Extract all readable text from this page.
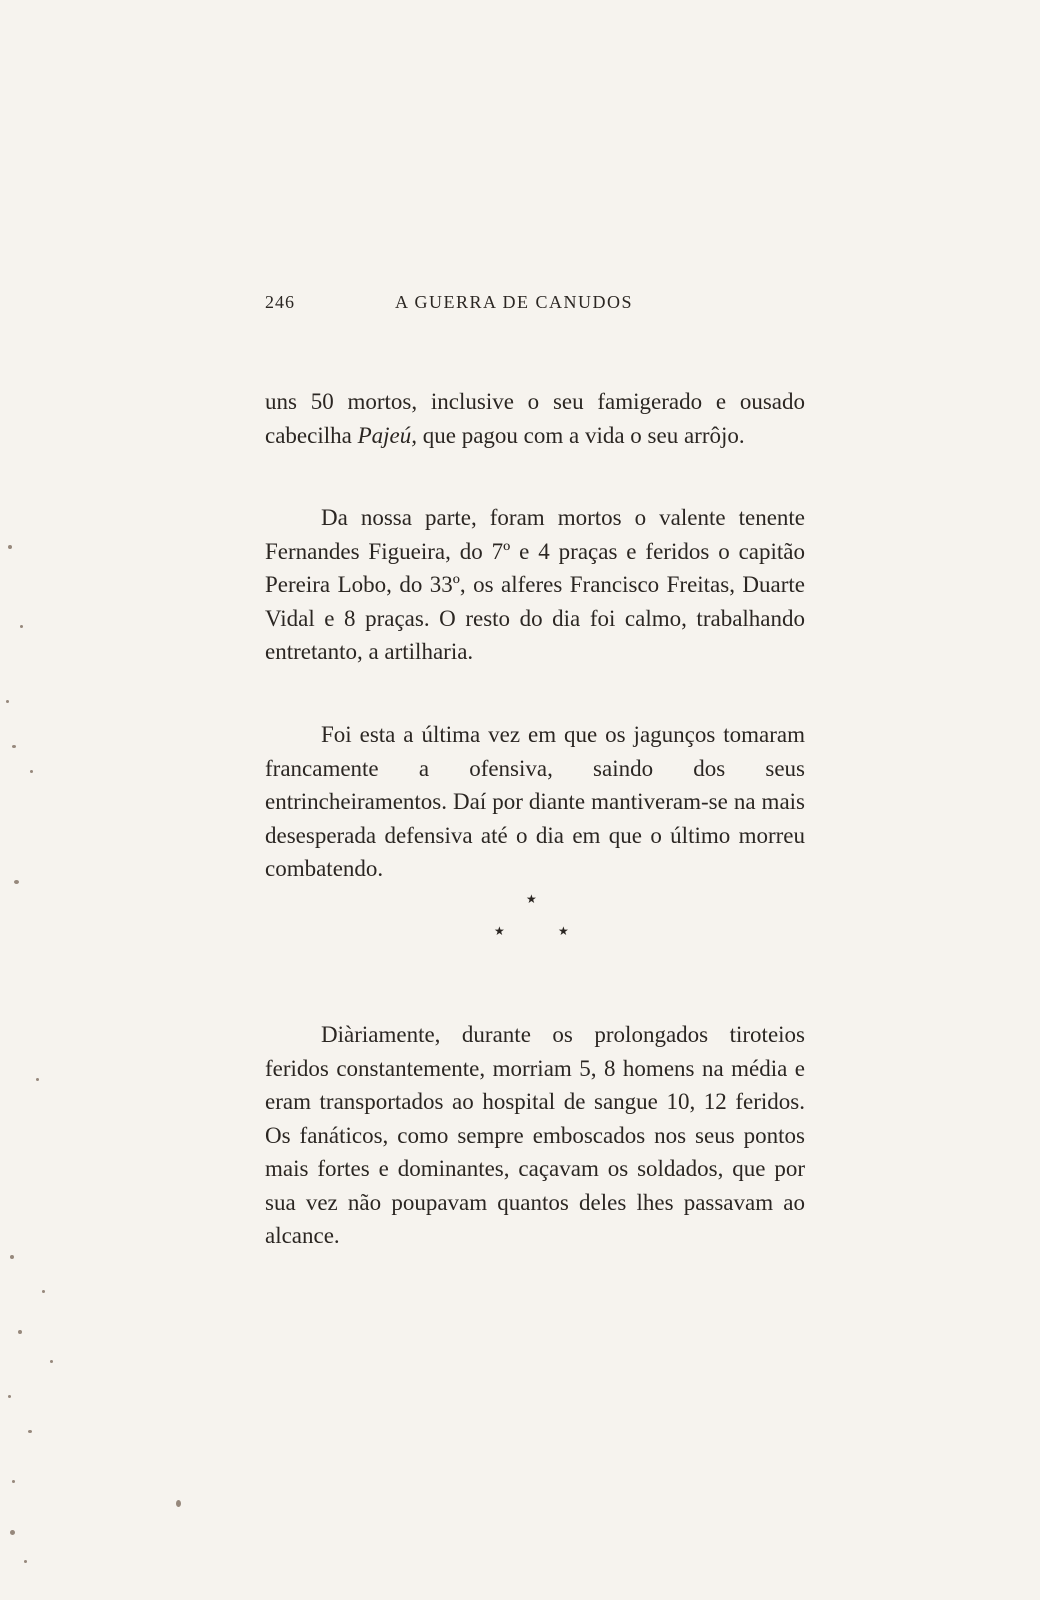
246	A GUERRA DE CANUDOS

uns 50 mortos, inclusive o seu famigerado e ousado cabecilha Pajeú, que pagou com a vida o seu arrôjo.

Da nossa parte, foram mortos o valente tenente Fernandes Figueira, do 7º e 4 praças e feridos o capitão Pereira Lobo, do 33º, os alferes Francisco Freitas, Duarte Vidal e 8 praças. O resto do dia foi calmo, trabalhando entretanto, a artilharia.

Foi esta a última vez em que os jagunços tomaram francamente a ofensiva, saindo dos seus entrincheiramentos. Daí por diante mantiveram-se na mais desesperada defensiva até o dia em que o último morreu combatendo.

★
★	★

Diàriamente, durante os prolongados tiroteios feridos constantemente, morriam 5, 8 homens na média e eram transportados ao hospital de sangue 10, 12 feridos. Os fanáticos, como sempre emboscados nos seus pontos mais fortes e dominantes, caçavam os soldados, que por sua vez não poupavam quantos deles lhes passavam ao alcance.
